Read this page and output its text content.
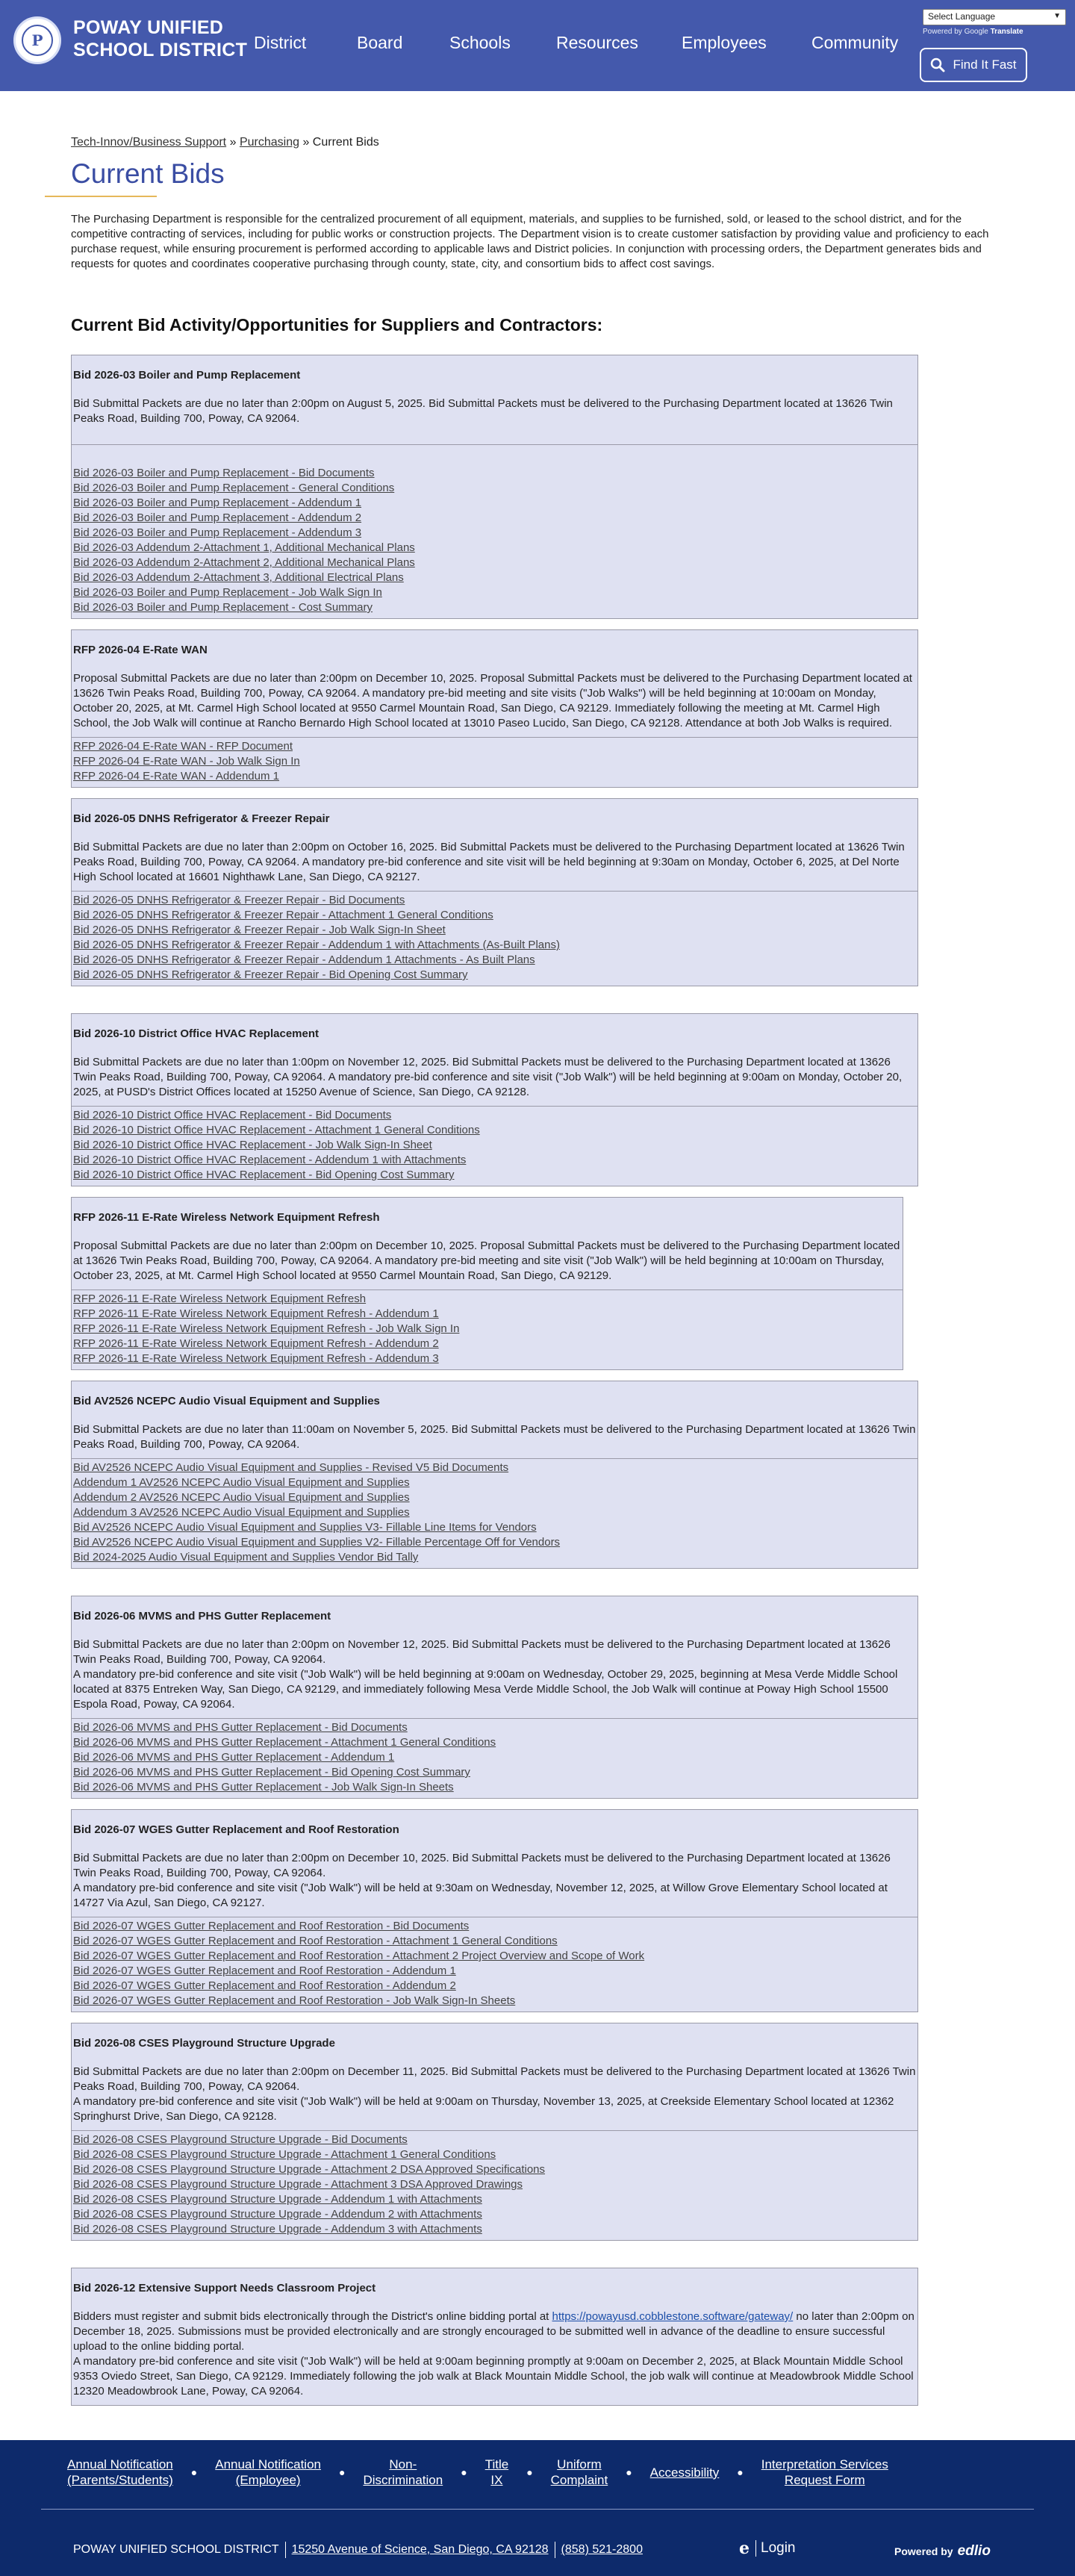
P
POWAY UNIFIED
SCHOOL DISTRICT District	Board	Schools	Resources	Employees	Community
Select Language	▼
Powered by Google Translate
Find It Fast
Tech-Innov/Business Support » Purchasing » Current Bids
Current Bids

The Purchasing Department is responsible for the centralized procurement of all equipment, materials, and supplies to be furnished, sold, or leased to the school district, and for the competitive contracting of services, including for public works or construction projects. The Department vision is to create customer satisfaction by providing value and proficiency to each purchase request, while ensuring procurement is performed according to applicable laws and District policies. In conjunction with processing orders, the Department generates bids and requests for quotes and coordinates cooperative purchasing through county, state, city, and consortium bids to affect cost savings.

Current Bid Activity/Opportunities for Suppliers and Contractors:
Bid 2026-03 Boiler and Pump Replacement

Bid Submittal Packets are due no later than 2:00pm on August 5, 2025. Bid Submittal Packets must be delivered to the Purchasing Department located at 13626 Twin Peaks Road, Building 700, Poway, CA 92064.

Bid 2026-03 Boiler and Pump Replacement - Bid Documents
Bid 2026-03 Boiler and Pump Replacement - General Conditions
Bid 2026-03 Boiler and Pump Replacement - Addendum 1
Bid 2026-03 Boiler and Pump Replacement - Addendum 2
Bid 2026-03 Boiler and Pump Replacement - Addendum 3
Bid 2026-03 Addendum 2-Attachment 1, Additional Mechanical Plans
Bid 2026-03 Addendum 2-Attachment 2, Additional Mechanical Plans
Bid 2026-03 Addendum 2-Attachment 3, Additional Electrical Plans
Bid 2026-03 Boiler and Pump Replacement - Job Walk Sign In
Bid 2026-03 Boiler and Pump Replacement - Cost Summary
RFP 2026-04 E-Rate WAN

Proposal Submittal Packets are due no later than 2:00pm on December 10, 2025. Proposal Submittal Packets must be delivered to the Purchasing Department located at 13626 Twin Peaks Road, Building 700, Poway, CA 92064. A mandatory pre-bid meeting and site visits ("Job Walks") will be held beginning at 10:00am on Monday, October 20, 2025, at Mt. Carmel High School located at 9550 Carmel Mountain Road, San Diego, CA 92129. Immediately following the meeting at Mt. Carmel High School, the Job Walk will continue at Rancho Bernardo High School located at 13010 Paseo Lucido, San Diego, CA 92128. Attendance at both Job Walks is required.

RFP 2026-04 E-Rate WAN - RFP Document
RFP 2026-04 E-Rate WAN - Job Walk Sign In
RFP 2026-04 E-Rate WAN - Addendum 1
Bid 2026-05 DNHS Refrigerator & Freezer Repair

Bid Submittal Packets are due no later than 2:00pm on October 16, 2025. Bid Submittal Packets must be delivered to the Purchasing Department located at 13626 Twin Peaks Road, Building 700, Poway, CA 92064. A mandatory pre-bid conference and site visit will be held beginning at 9:30am on Monday, October 6, 2025, at Del Norte High School located at 16601 Nighthawk Lane, San Diego, CA 92127.

Bid 2026-05 DNHS Refrigerator & Freezer Repair - Bid Documents
Bid 2026-05 DNHS Refrigerator & Freezer Repair - Attachment 1 General Conditions
Bid 2026-05 DNHS Refrigerator & Freezer Repair - Job Walk Sign-In Sheet
Bid 2026-05 DNHS Refrigerator & Freezer Repair - Addendum 1 with Attachments (As-Built Plans)
Bid 2026-05 DNHS Refrigerator & Freezer Repair - Addendum 1 Attachments - As Built Plans
Bid 2026-05 DNHS Refrigerator & Freezer Repair - Bid Opening Cost Summary
Bid 2026-10 District Office HVAC Replacement

Bid Submittal Packets are due no later than 1:00pm on November 12, 2025. Bid Submittal Packets must be delivered to the Purchasing Department located at 13626 Twin Peaks Road, Building 700, Poway, CA 92064. A mandatory pre-bid conference and site visit ("Job Walk") will be held beginning at 9:00am on Monday, October 20, 2025, at PUSD's District Offices located at 15250 Avenue of Science, San Diego, CA 92128.

Bid 2026-10 District Office HVAC Replacement - Bid Documents
Bid 2026-10 District Office HVAC Replacement - Attachment 1 General Conditions
Bid 2026-10 District Office HVAC Replacement - Job Walk Sign-In Sheet
Bid 2026-10 District Office HVAC Replacement - Addendum 1 with Attachments
Bid 2026-10 District Office HVAC Replacement - Bid Opening Cost Summary
RFP 2026-11 E-Rate Wireless Network Equipment Refresh

Proposal Submittal Packets are due no later than 2:00pm on December 10, 2025. Proposal Submittal Packets must be delivered to the Purchasing Department located at 13626 Twin Peaks Road, Building 700, Poway, CA 92064. A mandatory pre-bid meeting and site visit ("Job Walk") will be held beginning at 10:00am on Thursday, October 23, 2025, at Mt. Carmel High School located at 9550 Carmel Mountain Road, San Diego, CA 92129.

RFP 2026-11 E-Rate Wireless Network Equipment Refresh
RFP 2026-11 E-Rate Wireless Network Equipment Refresh - Addendum 1
RFP 2026-11 E-Rate Wireless Network Equipment Refresh - Job Walk Sign In
RFP 2026-11 E-Rate Wireless Network Equipment Refresh - Addendum 2
RFP 2026-11 E-Rate Wireless Network Equipment Refresh - Addendum 3
Bid AV2526 NCEPC Audio Visual Equipment and Supplies

Bid Submittal Packets are due no later than 11:00am on November 5, 2025. Bid Submittal Packets must be delivered to the Purchasing Department located at 13626 Twin Peaks Road, Building 700, Poway, CA 92064.

Bid AV2526 NCEPC Audio Visual Equipment and Supplies - Revised V5 Bid Documents
Addendum 1 AV2526 NCEPC Audio Visual Equipment and Supplies
Addendum 2 AV2526 NCEPC Audio Visual Equipment and Supplies
Addendum 3 AV2526 NCEPC Audio Visual Equipment and Supplies
Bid AV2526 NCEPC Audio Visual Equipment and Supplies V3- Fillable Line Items for Vendors
Bid AV2526 NCEPC Audio Visual Equipment and Supplies V2- Fillable Percentage Off for Vendors
Bid 2024-2025 Audio Visual Equipment and Supplies Vendor Bid Tally
Bid 2026-06 MVMS and PHS Gutter Replacement

Bid Submittal Packets are due no later than 2:00pm on November 12, 2025. Bid Submittal Packets must be delivered to the Purchasing Department located at 13626 Twin Peaks Road, Building 700, Poway, CA 92064.

A mandatory pre-bid conference and site visit ("Job Walk") will be held beginning at 9:00am on Wednesday, October 29, 2025, beginning at Mesa Verde Middle School located at 8375 Entreken Way, San Diego, CA 92129, and immediately following Mesa Verde Middle School, the Job Walk will continue at Poway High School 15500 Espola Road, Poway, CA 92064.

Bid 2026-06 MVMS and PHS Gutter Replacement - Bid Documents
Bid 2026-06 MVMS and PHS Gutter Replacement - Attachment 1 General Conditions
Bid 2026-06 MVMS and PHS Gutter Replacement - Addendum 1
Bid 2026-06 MVMS and PHS Gutter Replacement - Bid Opening Cost Summary
Bid 2026-06 MVMS and PHS Gutter Replacement - Job Walk Sign-In Sheets
Bid 2026-07 WGES Gutter Replacement and Roof Restoration

Bid Submittal Packets are due no later than 2:00pm on December 10, 2025. Bid Submittal Packets must be delivered to the Purchasing Department located at 13626 Twin Peaks Road, Building 700, Poway, CA 92064.

A mandatory pre-bid conference and site visit ("Job Walk") will be held at 9:30am on Wednesday, November 12, 2025, at Willow Grove Elementary School located at 14727 Via Azul, San Diego, CA 92127.

Bid 2026-07 WGES Gutter Replacement and Roof Restoration - Bid Documents
Bid 2026-07 WGES Gutter Replacement and Roof Restoration - Attachment 1 General Conditions
Bid 2026-07 WGES Gutter Replacement and Roof Restoration - Attachment 2 Project Overview and Scope of Work
Bid 2026-07 WGES Gutter Replacement and Roof Restoration - Addendum 1
Bid 2026-07 WGES Gutter Replacement and Roof Restoration - Addendum 2
Bid 2026-07 WGES Gutter Replacement and Roof Restoration - Job Walk Sign-In Sheets
Bid 2026-08 CSES Playground Structure Upgrade

Bid Submittal Packets are due no later than 2:00pm on December 11, 2025. Bid Submittal Packets must be delivered to the Purchasing Department located at 13626 Twin Peaks Road, Building 700, Poway, CA 92064.

A mandatory pre-bid conference and site visit ("Job Walk") will be held at 9:00am on Thursday, November 13, 2025, at Creekside Elementary School located at 12362 Springhurst Drive, San Diego, CA 92128.

Bid 2026-08 CSES Playground Structure Upgrade - Bid Documents
Bid 2026-08 CSES Playground Structure Upgrade - Attachment 1 General Conditions
Bid 2026-08 CSES Playground Structure Upgrade - Attachment 2 DSA Approved Specifications
Bid 2026-08 CSES Playground Structure Upgrade - Attachment 3 DSA Approved Drawings
Bid 2026-08 CSES Playground Structure Upgrade - Addendum 1 with Attachments
Bid 2026-08 CSES Playground Structure Upgrade - Addendum 2 with Attachments
Bid 2026-08 CSES Playground Structure Upgrade - Addendum 3 with Attachments
Bid 2026-12 Extensive Support Needs Classroom Project
Bidders must register and submit bids electronically through the District's online bidding portal at https://powayusd.cobblestone.software/gateway/ no later than 2:00pm on December 18, 2025. Submissions must be provided electronically and are strongly encouraged to be submitted well in advance of the deadline to ensure successful upload to the online bidding portal.
A mandatory pre-bid conference and site visit ("Job Walk") will be held at 9:00am beginning promptly at 9:00am on December 2, 2025, at Black Mountain Middle School 9353 Oviedo Street, San Diego, CA 92129. Immediately following the job walk at Black Mountain Middle School, the job walk will continue at Meadowbrook Middle School 12320 Meadowbrook Lane, Poway, CA 92064.
Annual Notification
(Parents/Students)
●
Annual Notification
(Employee)
●
Non-
Discrimination
●
Title
IX
●
Uniform
Complaint
● Accessibility ●
Interpretation Services
Request Form
POWAY UNIFIED SCHOOL DISTRICT 15250 Avenue of Science, San Diego, CA 92128 (858) 521-2800	e Login	Powered by edlio
